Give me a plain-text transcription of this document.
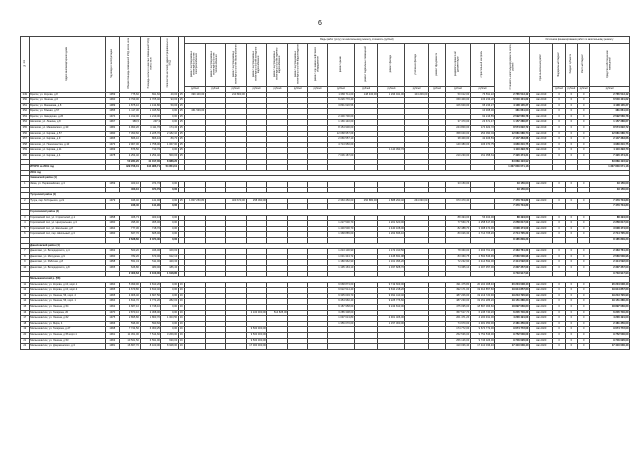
6
№ п/п	Адрес многоквартирного дома	Год ввода в эксплуатацию	Общая площадь помещений МКД, всего, кв.м	Площадь жилых и нежилых помещений МКД, всего, кв.м	Количество жителей, зарегистрированных в МКД		Виды работ (услуг) по капитальному ремонту, стоимость (рублей)															Источники финансирования работ по капитальному ремонту				
							ремонт внутридомовых инженерных систем электроснабжения	ремонт внутридомовых инженерных систем теплоснабжения	ремонт внутридомовых инженерных систем газоснабжения	ремонт внутридомовых инженерных систем холодного водоснабжения	ремонт внутридомовых инженерных систем горячего водоснабжения	ремонт внутридомовых инженерных систем водоотведения	ремонт или замена лифтового оборудования	ремонт крыши	ремонт подвальных помещений	ремонт фасада	утепление фасада	ремонт фундамента	разработка проектной документации	строительный контроль	Стоимость капитального ремонта, всего, рублей	Срок выполнения работ	Федеральный бюджет	Бюджет субъекта	Местный бюджет	Средства собственников помещений
							рублей	рублей	рублей	рублей	рублей	рублей	рублей	рублей	рублей	рублей	рублей	рублей	рублей	рублей			рублей	рублей	рублей	рублей
349	Братск, ул. Кирова, д.8	1959	775,60	691,60	40,00	25	399 100,00		213 800,00					1 086 711,00	148 430,00	1 296 941,00	104 209,00		50 012,00	76 591,22	2 765 513,42	Авг.2019	0	0	0	2 765 513,42
350	Братск, ул. Ленина, д.6	1960	3 799,00	2 705,40	93,00	25								6 226 770,40					150 400,00	133 233,22	6 540 401,62	Авг.2019	0	0	0	6 540 401,62
351	Братск, ул. Мамакова, д.8	1989	1 875,10	1 134,80	50,00	25								3 891 620,56					106 600,00	95 236,27	4 108 135,27	Авг.2019	0	0	0	4 108 135,27
352	Братск, ул. Южная, д.57	1955	1 117,30	1 045,50	0,00	25	461 539,00													10 308,00	481 661,00	Авг.2019	0	0	0	481 661,00
353	Братск, ул. Заводская, д.26	1974	1 312,00	1 219,00	0,00	25								2 400 700,00						92 216,55	2 592 566,78	Авг.2019	0	0	0	2 592 566,78
354	Шелехов, ул. Ленина, д.8	1967	386,5	297,3	0,00	25								1 166 140,00					37 470,00	23 671,47	1 157 286,67	Авг.2019	0	0	0	1 157 286,67
355	Шелехов, ул. Маяковского, д.30	1982	4 993,20	4 111,70	174,40	25								8 154 900,00					244 800,00	174 922,72	8 574 622,72	Авг.2019	0	0	0	8 574 622,72
356	Шелехов, ул. Кирова, д.57	1990	7 390,60	4 225,70	2 182,10	25								12 068 957,09					358 040,00	254 090,04	12 681 086,73	Авг.2019	0	0	0	12 681 086,73
357	Шелехов, ул. Кирова, д.9	1965	866,10	866,10	89,70	25								2 066 557,10					38 400,00	42 406,59	2 147 363,66	Авг.2019	0	0	0	2 147 363,66
358	Шелехов, ул. Пенхошестка, д.10	1973	2 967,00	1 758,00	1 067,00	25								4 713 950,00					140 380,00	106 370,75	4 960 210,75	Авг.2019	0	0	0	4 960 210,75
359	Шелехов, ул. Кирова, д.11	1969	876,50	713,70	0,00	25										1 110 393,70					1 110 393,70	Авг.2019	0	0	0	1 110 393,70
360	Шелехов, ул. Кирова, д.4	1978	4 254,40	3 254,40	500,00	25								7 006 187,00					210 230,00	151 058,61	7 420 474,21	Авг.2019	0	0	0	7 420 474,21
			50 284,20	41 017,00	8 888,20																63 889 423,92					63 889 423,92
	ИТОГО за 2019 год		429 706,01	344 986,71	54 854,61																1 327 830 071,18					1 327 830 071,18
	2019 год																									
	Зиминский район (1)																									
1	Зима, ул. Первомайская, д.3	1959	403,10	374,70	0,00														33 150,00		33 150,00	Авг.2020	0	0	0	33 150,00
			403,10	374,70	0,00																33 150,00					33 150,00
	Тулунский район (1)																									
2	Тулун, пер. М.Горького, д.21	1979	946,40	141,90	0,00	25	1 807 250,80		409 670,00	258 990,00				2 363 450,00	256 880,00	1 888 290,40	264 030,60		973 470,40		7 479 734,80	Авг.2020	0	0	0	7 479 734,80
			946,40	141,90	0,00																7 479 734,80					7 479 734,80
	Гороховский район (4)																									
3	Гороховский пос, ул. Строителей, д.1	1958	406,73	403,10	0,00														88 494,00	56 464,00	88 494,00	Авг.2020	0	0	0	88 494,00
4	Гороховский пос, ул. Центральная, д.3	1960	395,00	365,00	0,00									1 227 500,70		1 201 620,00			77 560,76	2 258 617,00	2 258 617,00	Авг.2020	0	0	0	2 258 617,00
5	Гороховский пос, ул. Школьная, д.8	1964	777,30	718,70	0,00									1 430 500,70		1 440 108,00			82 488,70	3 008 474,00	3 008 474,00	Авг.2020	0	0	0	3 008 474,00
6	Гороховский пос, пер. Школьный, д.3	1960	667,70	605,00	0,00									1 368 885,00		1 262 836,10			80 026,30	2 714 705,20	2 714 705,20	Авг.2020	0	0	0	2 714 705,20
			2 638,60	2 374,40	0,00																8 185 809,20					8 185 809,20
	Даниловский район (4)																									
7	Данилово, ул. Володарского, д.4	1962	500,20	436,00	100,00									1 213 100,90		1 172 310,50			78 360,00	2 463 761,20	2 463 761,20	Авг.2020	0	0	0	2 463 761,20
8	Данилово, ул. Мичурина, д.9	1960	782,20	673,00	912,10									1 031 343,72		1 445 831,98			83 360,75	2 560 536,96	2 560 536,96	Авг.2020	0	0	0	2 560 536,96
9	Данилово, ул. Рабочая, д.8	1958	551,43	511,00	420,30									1 180 962,90		1 161 396,20			72 232,90	2 414 592,00	2 414 592,00	Авг.2020	0	0	0	2 414 592,00
10	Данилово, ул. Володарского, д.8	1965	626,80	480,00	186,40									1 195 163,10		1 037 828,70			74 365,10	2 307 357,00	2 307 357,00	Авг.2020	0	0	0	2 307 357,00
			2 460,63	2 100,00	1 618,80																9 733 917,93					9 733 917,93
	Малышевичский р. (58)																									
11	Малышевичск, ул. Кирова, д.10, корп.1	1964	5 099,90	3 813,20	0,00	16								9 668 873,60		9 719 669,00			491 475,80	20 204 008,40	20 204 008,40	Авг.2020	0	0	0	20 204 008,40
12	Малышевичск, ул. Кирова, д.10, корп.2	1965	4 679,80	3 813,40	0,00	16								9 622 514,40		9 634 218,20			492 171,00	19 914 857,60	19 914 857,60	Авг.2020	0	0	0	19 914 857,60
13	Малышевичск, ул. Ленина, 56, корп. 2	1965	4 906,40	3 667,50	0,00	16								9 335 003,70		9 391 410,40			487 206,00	19 213 720,90	19 213 720,90	Авг.2020	0	0	0	19 213 720,90
14	Малышевичск, ул. Ленина, 56, корп. 1	1964	4 814,70	3 774,20	282,00	16								9 454 960,40		9 225 776,60			487 230,00	19 151 286,20	19 151 286,20	Авг.2020	0	0	0	19 151 286,20
15	Малышевичск, ул. Ленина, д.54	1962	4 687,10	3 748,10	0,00	16								9 187 958,60		9 243 813,00			475 095,00	18 897 066,60	18 897 066,60	Авг.2020	0	0	0	18 897 066,60
16	Малышевичск, ул. Гагарина, 20	1970	2 870,10	2 368,00	0,00	16				2 100 000,00	514 825,00			3 285 308,00					357 517,70	6 245 740,20	6 245 740,20	Авг.2020	0	0	0	6 245 740,20
17	Малышевичск, ул. Ленина, д.62	1975	2 895,80	1 863,70	1 003,50	16								1 097 613,80		2 901 406,00			201 471,20	4 200 491,00	4 200 491,00	Авг.2020	0	0	0	4 200 491,00
18	Малышевичск, ул. Мира, 4	1966	596,00	590,60	0,00	16								1 356 070,00		1 157 300,00			74 970,00	2 481 350,00	2 481 350,00	Авг.2020	0	0	0	2 481 350,00
19	Малышевичск, ул. Гагарина, д.27	1968	7 744,50	6 060,25	0,00	16				9 500 000,00									174 772,00	9 674 772,00	9 674 772,00	Авг.2020	0	0	0	9 674 772,00
20	Малышевичск, ул. Ленина, д.56 корп.1	1961	11 451,00	7 514,60	3 269,00	16				9 500 000,00									252 536,00	9 752 536,00	9 752 536,00	Авг.2020	0	0	0	9 752 536,00
21	Малышевичск, ул. Ленина, д.53	1963	10 561,50	6 591,90	630,00	16				9 500 000,00									256 126,00	9 746 026,00	9 746 026,00	Авг.2020	0	0	0	9 746 026,00
22	Малышевичск, ул. Дзержинского, д.3	1981	16 867,70	8 100,00	8 928,00	16				17 000 000,00									410 036,40	17 410 036,40	17 410 036,40	Авг.2020	0	0	0	17 410 036,40
